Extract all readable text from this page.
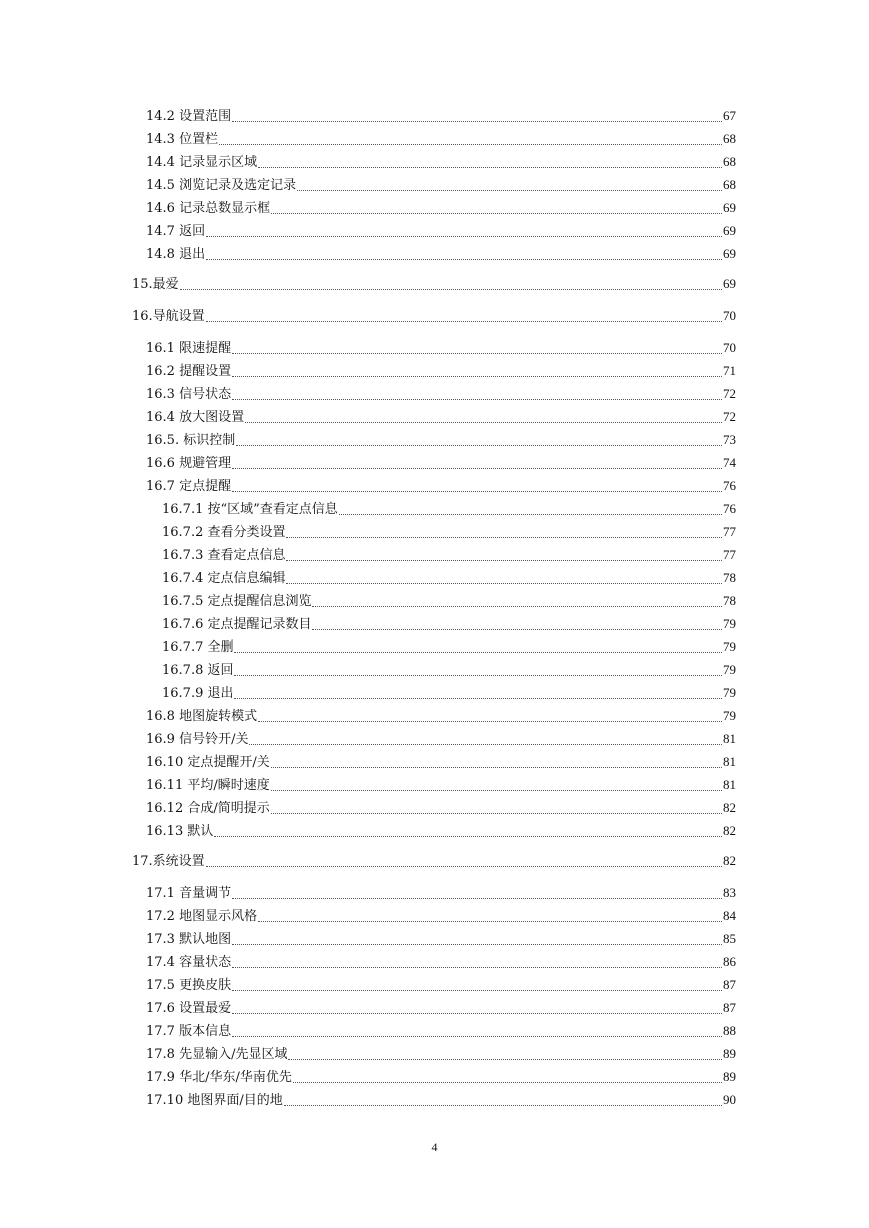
14.2 设置范围	67
14.3 位置栏	68
14.4 记录显示区域	68
14.5 浏览记录及选定记录	68
14.6 记录总数显示框	69
14.7 返回	69
14.8 退出	69
15.最爱	69
16.导航设置	70
16.1 限速提醒	70
16.2 提醒设置	71
16.3 信号状态	72
16.4 放大图设置	72
16.5. 标识控制	73
16.6 规避管理	74
16.7 定点提醒	76
16.7.1 按“区域”查看定点信息	76
16.7.2 查看分类设置	77
16.7.3 查看定点信息	77
16.7.4 定点信息编辑	78
16.7.5 定点提醒信息浏览	78
16.7.6 定点提醒记录数目	79
16.7.7 全删	79
16.7.8 返回	79
16.7.9 退出	79
16.8 地图旋转模式	79
16.9 信号铃开/关	81
16.10 定点提醒开/关	81
16.11 平均/瞬时速度	81
16.12 合成/简明提示	82
16.13 默认	82
17.系统设置	82
17.1 音量调节	83
17.2 地图显示风格	84
17.3 默认地图	85
17.4 容量状态	86
17.5 更换皮肤	87
17.6 设置最爱	87
17.7 版本信息	88
17.8 先显输入/先显区域	89
17.9 华北/华东/华南优先	89
17.10 地图界面/目的地	90
4
